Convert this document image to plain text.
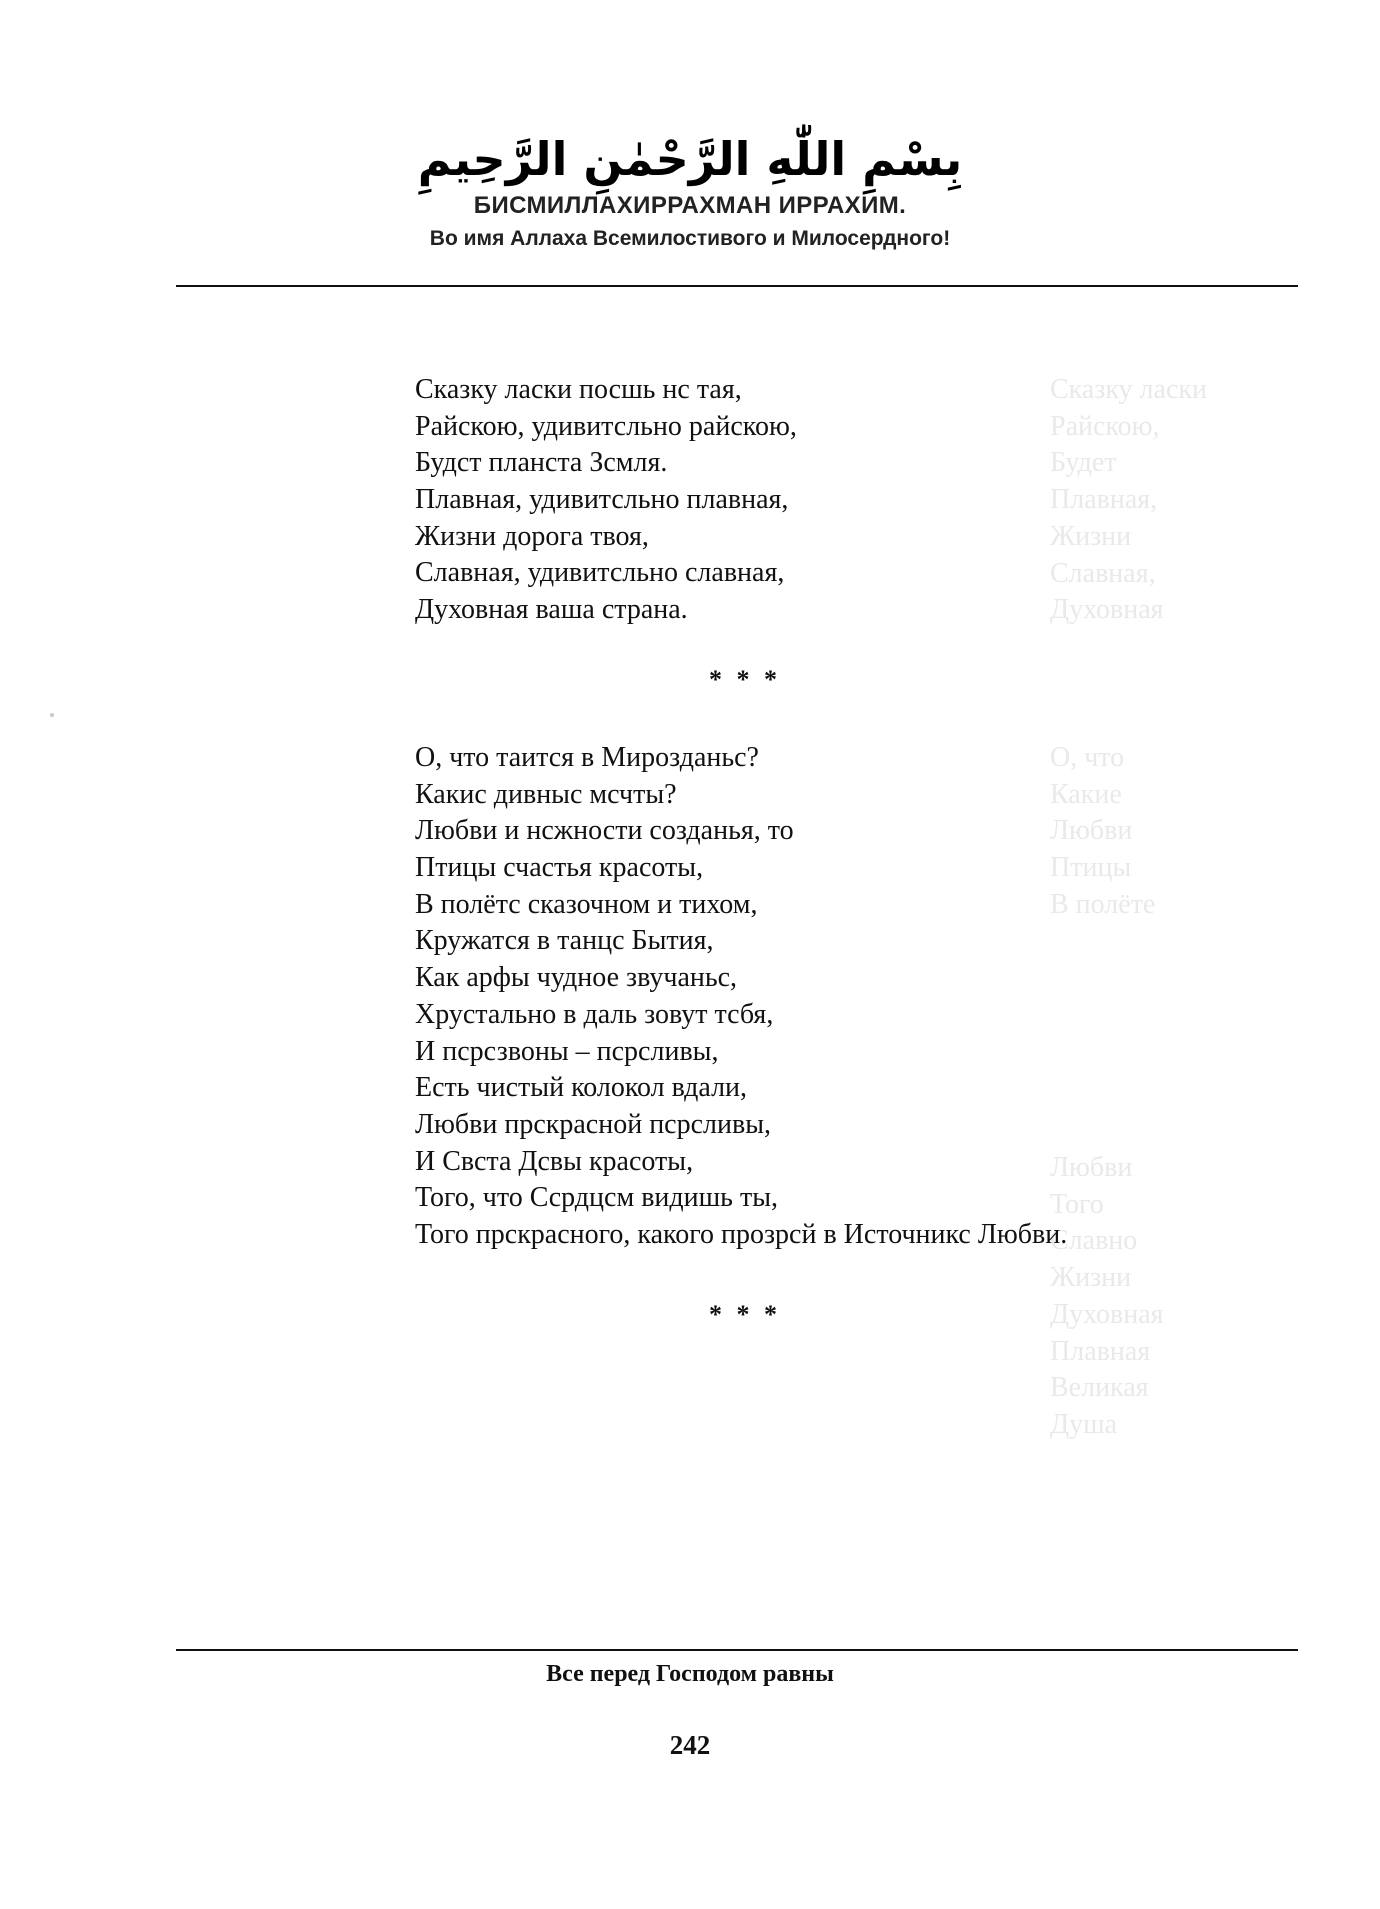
Сказку ласки
Райскою,
Будет
Плавная,
Жизни
Славная,
Духовная
О, что
Какие
Любви
Птицы
В полёте
Любви
Того
Славно
Жизни
Духовная
Плавная
Великая
Душа
بِسْمِ اللّٰهِ الرَّحْمٰنِ الرَّحِيمِ
БИСМИЛЛАХИРРАХМАН ИРРАХИМ.
Во имя Аллаха Всемилостивого и Милосердного!
Сказку ласки посшь нс тая,
Райскою, удивитсльно райскою,
Будст планста Зсмля.
Плавная, удивитсльно плавная,
Жизни дорога твоя,
Славная, удивитсльно славная,
Духовная ваша страна.
* * *
О, что таится в Мирозданьс?
Какис дивныс мсчты?
Любви и нсжности созданья, то
Птицы счастья красоты,
В полётс сказочном и тихом,
Кружатся в танцс Бытия,
Как арфы чудное звучаньс,
Хрустально в даль зовут тсбя,
И псрсзвоны – псрсливы,
Есть чистый колокол вдали,
Любви прскрасной псрсливы,
И Свста Дсвы красоты,
Того, что Ссрдцсм видишь ты,
Того прскрасного, какого прозрсй в Источникс Любви.
* * *
Все перед Господом равны
242
